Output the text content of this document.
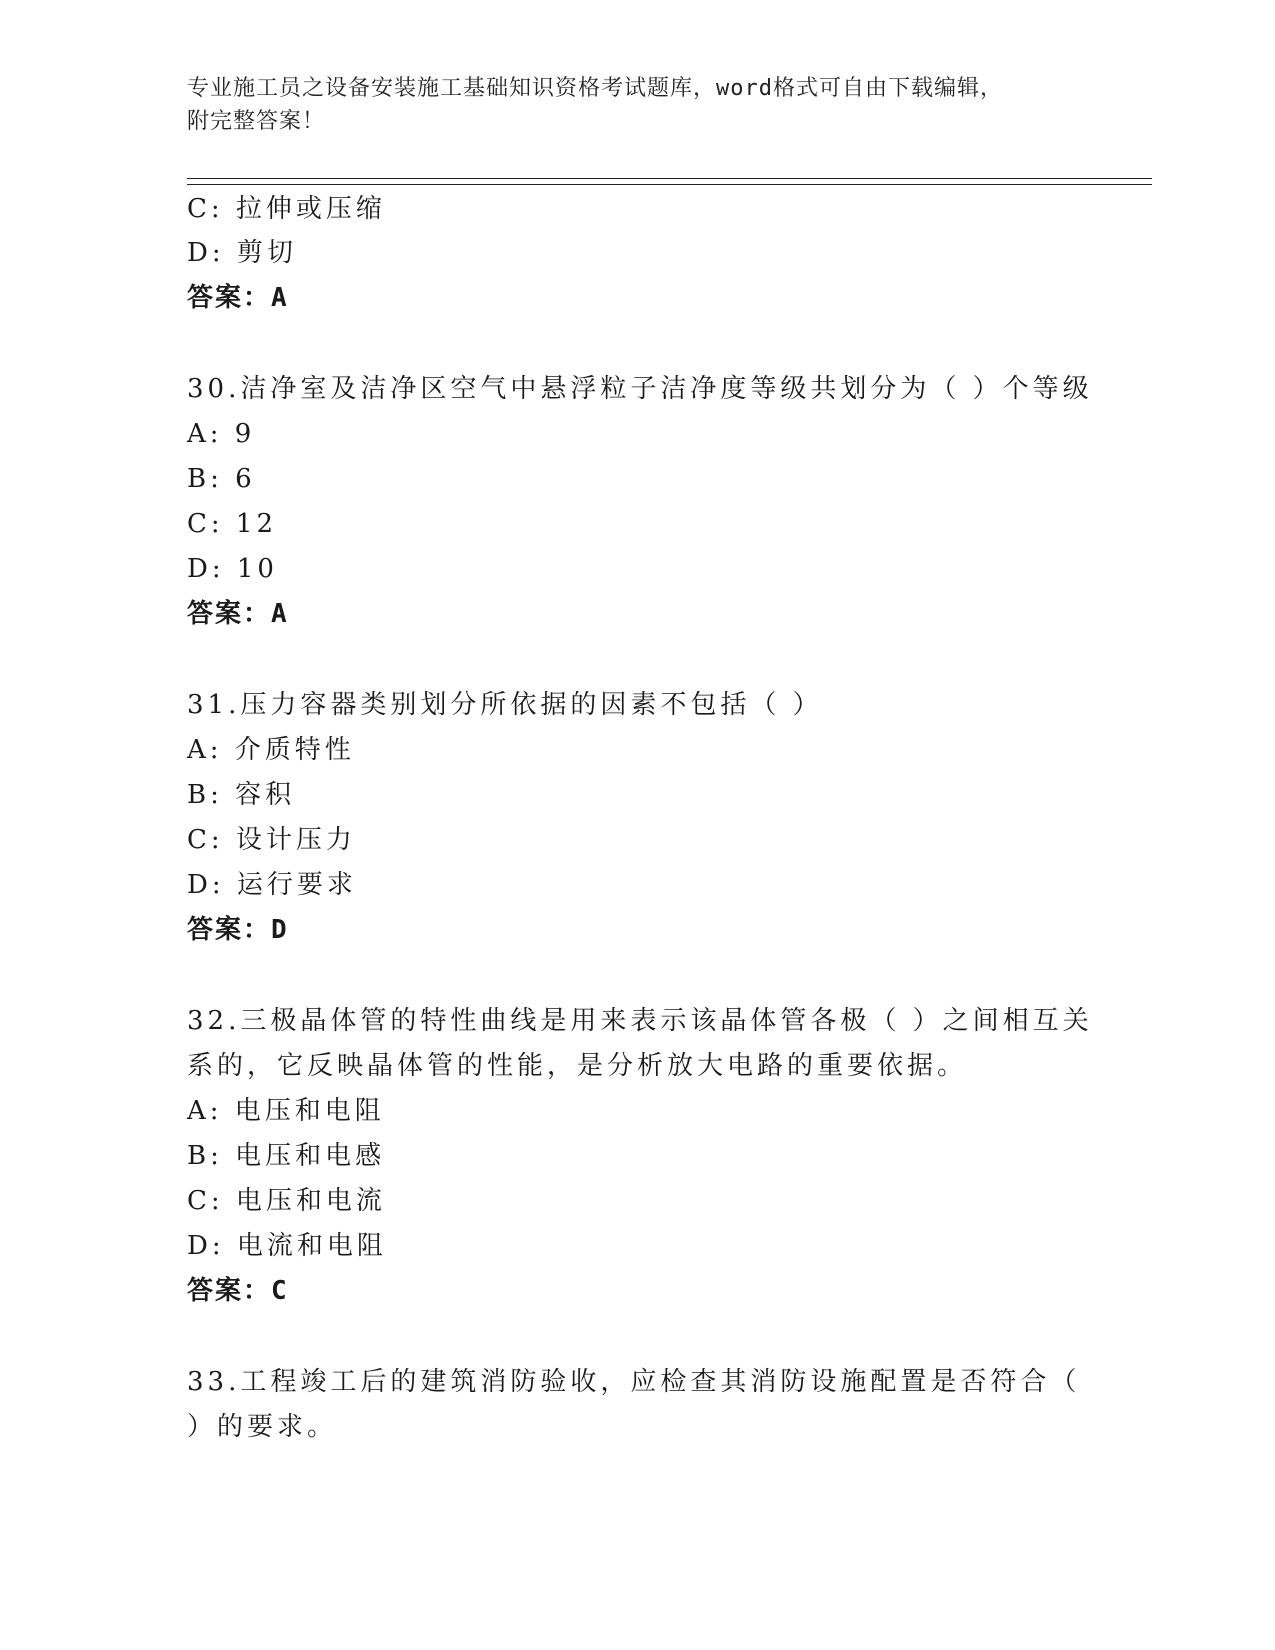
专业施工员之设备安装施工基础知识资格考试题库，word格式可自由下载编辑，
附完整答案！
C: 拉伸或压缩
D: 剪切
答案：A
30.洁净室及洁净区空气中悬浮粒子洁净度等级共划分为（ ）个等级
A: 9
B: 6
C: 12
D: 10
答案：A
31.压力容器类别划分所依据的因素不包括（ ）
A: 介质特性
B: 容积
C: 设计压力
D: 运行要求
答案：D
32.三极晶体管的特性曲线是用来表示该晶体管各极（ ）之间相互关
系的，它反映晶体管的性能，是分析放大电路的重要依据。
A: 电压和电阻
B: 电压和电感
C: 电压和电流
D: 电流和电阻
答案：C
33.工程竣工后的建筑消防验收，应检查其消防设施配置是否符合（
）的要求。
